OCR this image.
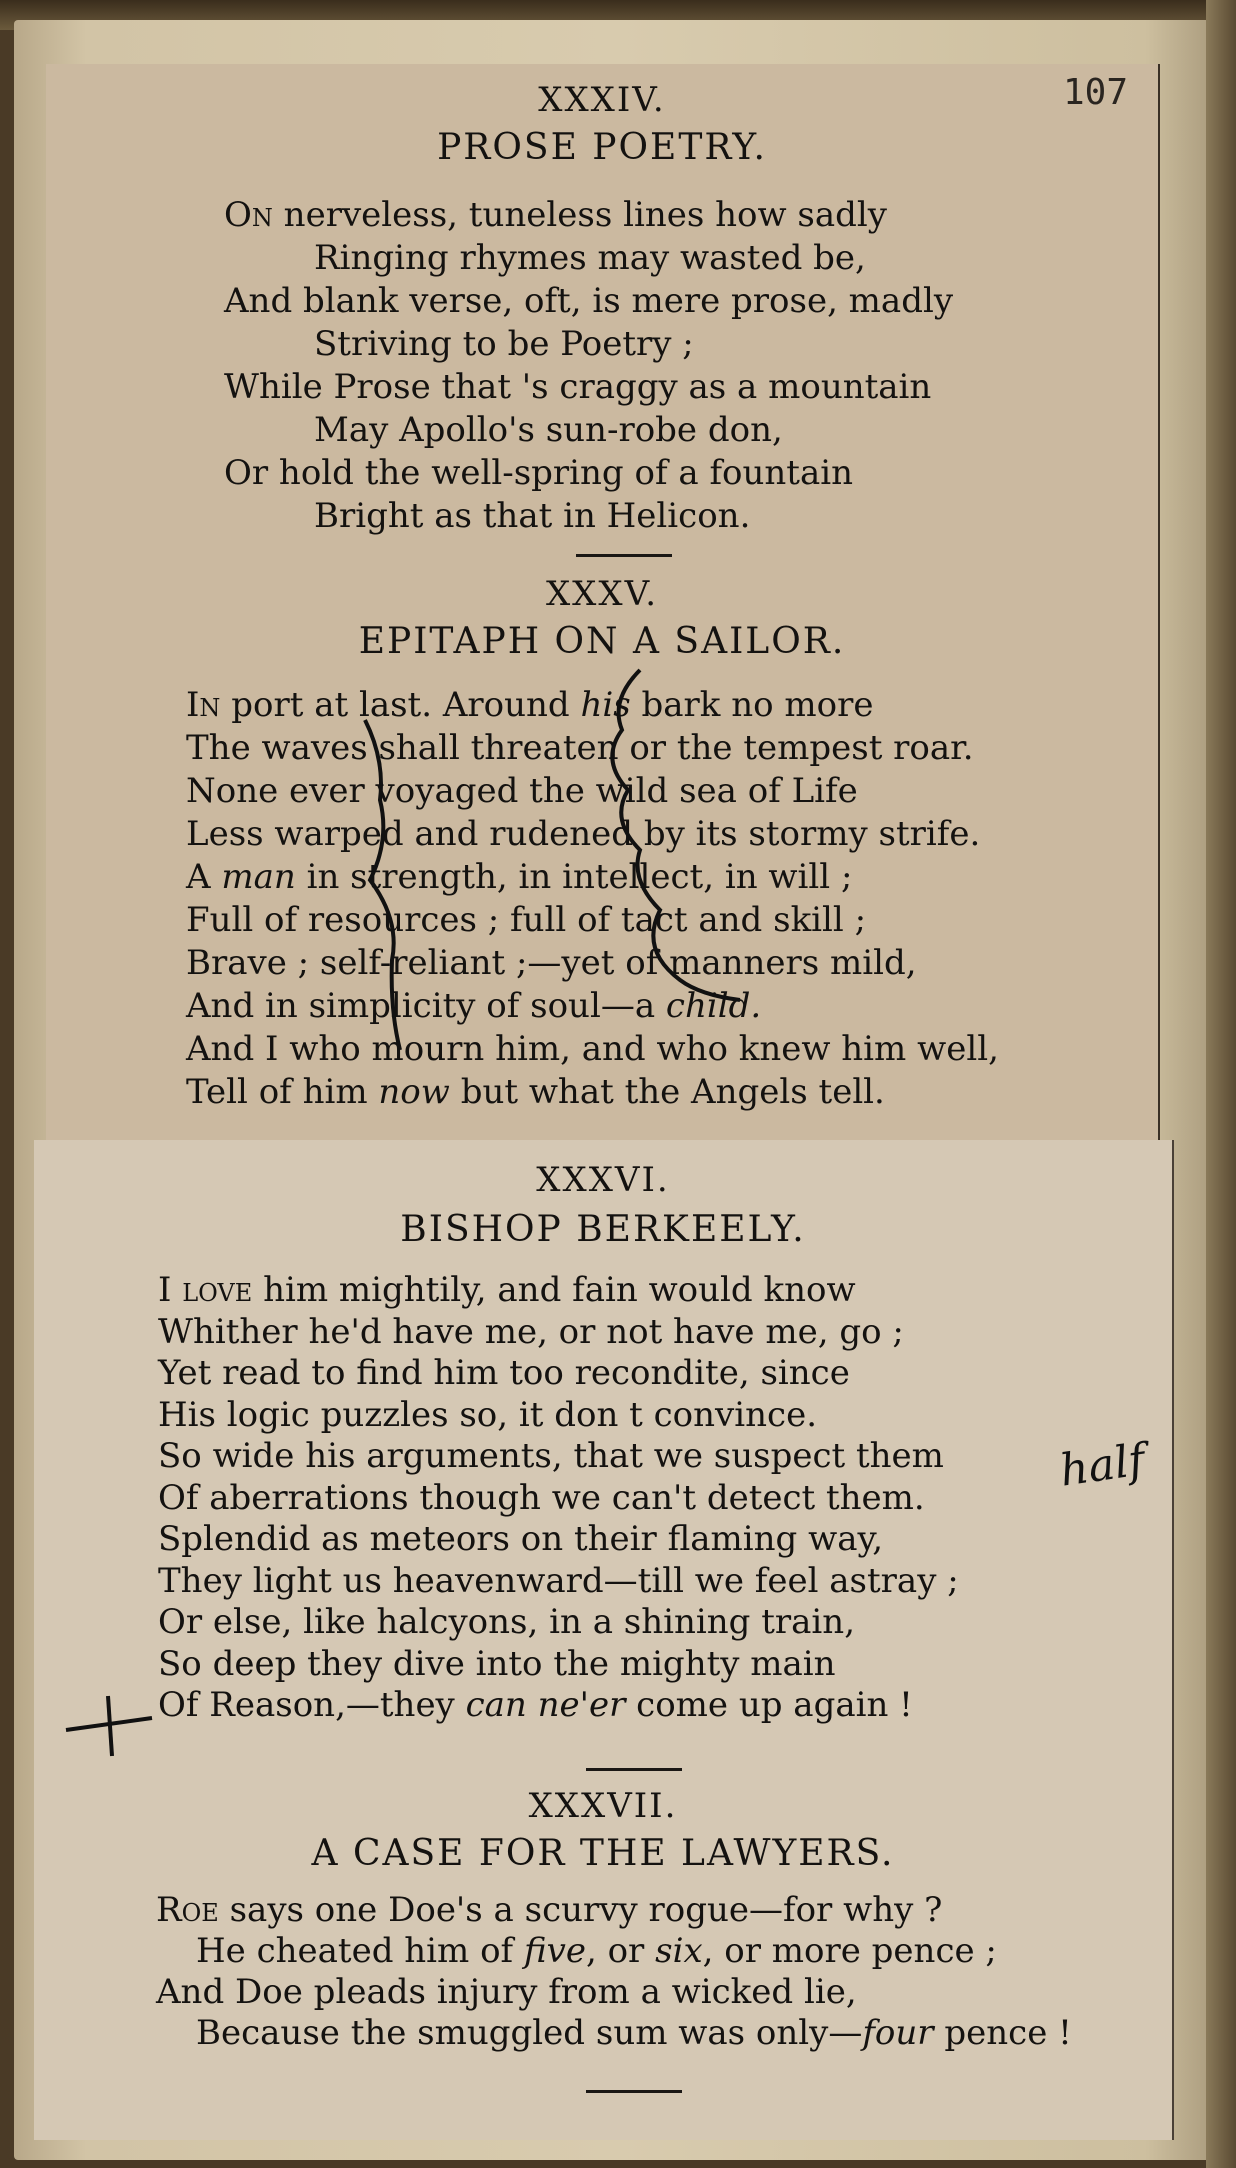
107

XXXIV.

PROSE POETRY.

On nerveless, tuneless lines how sadly
Ringing rhymes may wasted be,
And blank verse, oft, is mere prose, madly
Striving to be Poetry ;
While Prose that 's craggy as a mountain
May Apollo's sun-robe don,
Or hold the well-spring of a fountain
Bright as that in Helicon.

XXXV.

EPITAPH ON A SAILOR.

In port at last. Around his bark no more
The waves shall threaten or the tempest roar.
None ever voyaged the wild sea of Life
Less warped and rudened by its stormy strife.
A man in strength, in intellect, in will ;
Full of resources ; full of tact and skill ;
Brave ; self-reliant ;—yet of manners mild,
And in simplicity of soul—a child.
And I who mourn him, and who knew him well,
Tell of him now but what the Angels tell.

XXXVI.

BISHOP BERKEELY.

I love him mightily, and fain would know
Whither he'd have me, or not have me, go ;
Yet read to find him too recondite, since
His logic puzzles so, it don t convince.
So wide his arguments, that we suspect them
Of aberrations though we can't detect them.
Splendid as meteors on their flaming way,
They light us heavenward—till we feel astray ;
Or else, like halcyons, in a shining train,
So deep they dive into the mighty main
Of Reason,—they can ne'er come up again !

XXXVII.

A CASE FOR THE LAWYERS.

Roe says one Doe's a scurvy rogue—for why ?
He cheated him of five, or six, or more pence ;
And Doe pleads injury from a wicked lie,
Because the smuggled sum was only—four pence !
half
